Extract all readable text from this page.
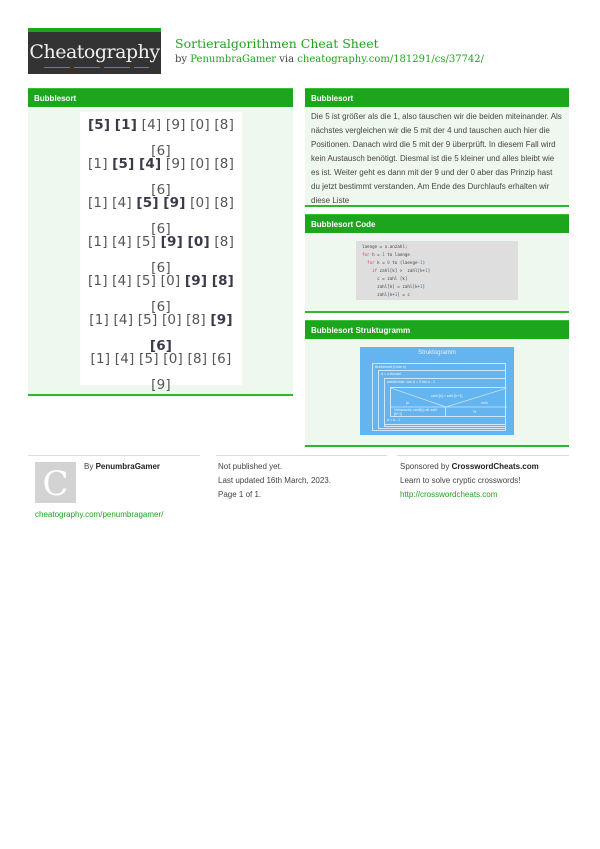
Cheatography Sortieralgorithmen Cheat Sheet
by PenumbraGamer via cheatography.com/181291/cs/37742/
Bubblesort
[5] [1] [4] [9] [0] [8] [6]
[1] [5] [4] [9] [0] [8] [6]
[1] [4] [5] [9] [0] [8] [6]
[1] [4] [5] [9] [0] [8] [6]
[1] [4] [5] [0] [9] [8] [6]
[1] [4] [5] [0] [8] [9] [6]
[1] [4] [5] [0] [8] [6] [9]
Bubblesort
Die 5 ist größer als die 1, also tauschen wir die beiden miteinander. Als nächstes vergleichen wir die 5 mit der 4 und tauschen auch hier die Positionen. Danach wird die 5 mit der 9 überprüft. In diesem Fall wird kein Austausch benötigt. Diesmal ist die 5 kleiner und alles bleibt wie es ist. Weiter geht es dann mit der 9 und der 0 aber das Prinzip hast du jetzt bestimmt verstanden. Am Ende des Durchlaufs erhalten wir diese Liste
Bubblesort Code
laenge = x.anzahl;
for h = 1 to laenge
for k = 0 to (laenge-1)
if zahl[k] >  zahl[k+1]
c = zahl [k]
zahl[k] = zahl[k+1]
zahl[k+1] = c
Bubblesort Struktugramm
Struktogramm
Bubblesort (Liste x)
a = x.Anzahl
wiederhole: von b = 0 bis a - 1
zahl [b] > zahl [b+1]
ja	nein
Vertausche zahl[b] mit zahl [b+1]	%
a = a - 1
C	By PenumbraGamer
cheatography.com/penumbragamer/
Not published yet.
Last updated 16th March, 2023.
Page 1 of 1.
Sponsored by CrosswordCheats.com
Learn to solve cryptic crosswords!
http://crosswordcheats.com
